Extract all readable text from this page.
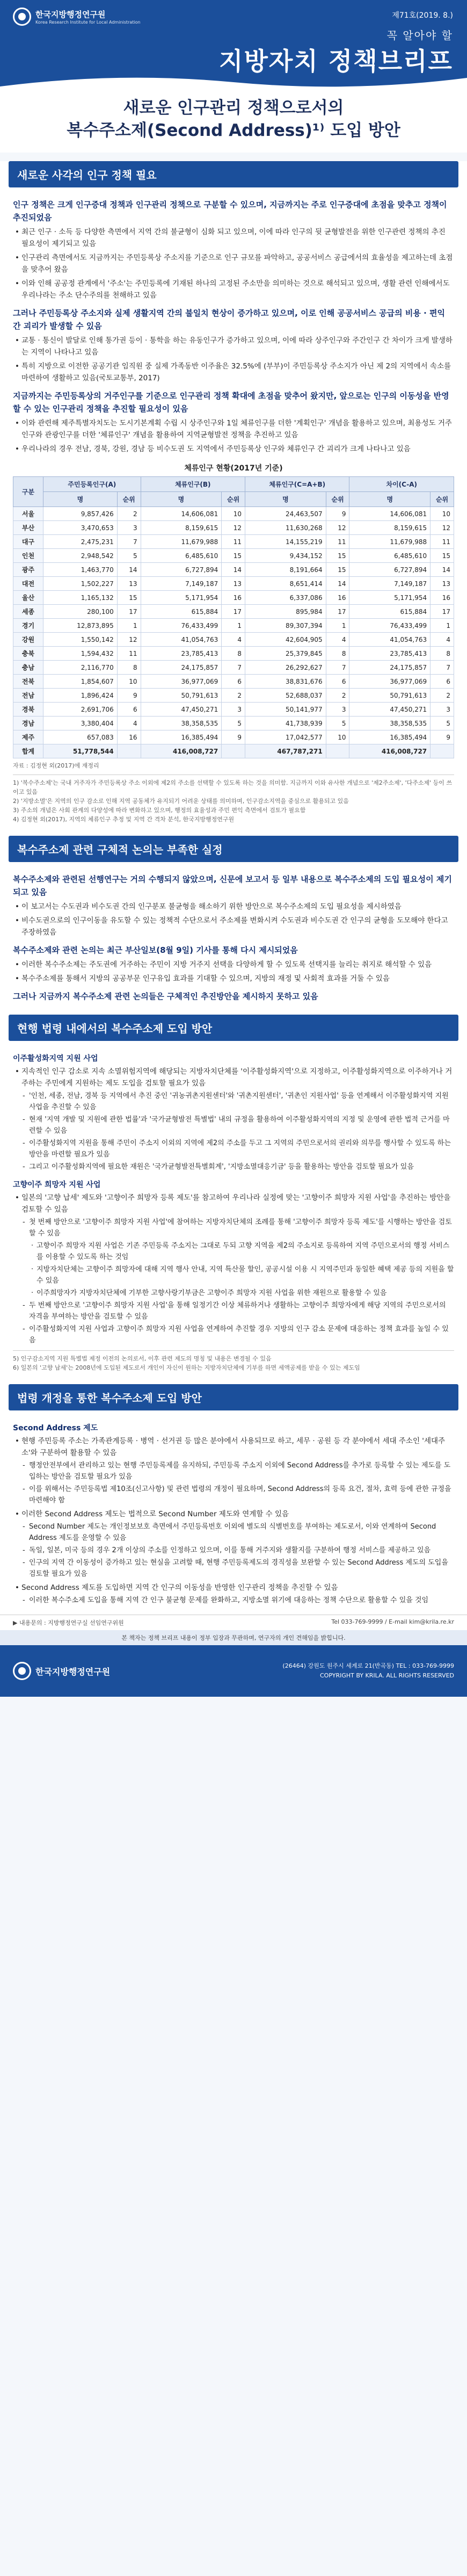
한국지방행정연구원
Korea Research Institute for Local Administration
제71호(2019. 8.)
꼭 알아야 할
지방자치 정책브리프
새로운 인구관리 정책으로서의
복수주소제(Second Address)¹⁾ 도입 방안
새로운 사각의 인구 정책 필요
인구 정책은 크게 인구증대 정책과 인구관리 정책으로 구분할 수 있으며, 지금까지는 주로 인구증대에 초점을 맞추고 정책이 추진되었음
• 최근 인구 · 소득 등 다양한 측면에서 지역 간의 불균형이 심화 되고 있으며, 이에 따라 인구의 뒷 균형발전을 위한 인구관련 정책의 추진 필요성이 제기되고 있음
• 인구관리 측면에서도 지금까지는 주민등록상 주소지를 기준으로 인구 규모를 파악하고, 공공서비스 공급에서의 효율성을 제고하는데 초점을 맞추어 왔음
• 이와 인해 공공정 관계에서 '주소'는 주민등록에 기재된 하나의 고정된 주소만을 의미하는 것으로 해석되고 있으며, 생활 관련 인해에서도 우리나라는 주소 단수주의를 천해하고 있음
그러나 주민등록상 주소지와 실제 생활지역 간의 불일치 현상이 증가하고 있으며, 이로 인해 공공서비스 공급의 비용 · 편익 간 괴리가 발생할 수 있음
• 교통 · 통신이 발달로 인해 통가권 등이 · 통학을 하는 유동인구가 증가하고 있으며, 이에 따라 상주인구와 주간인구 간 차이가 크게 발생하는 지역이 나타나고 있음
• 특히 지방으로 이전한 공공기관 임직원 중 실제 가족동반 이주율은 32.5%에 (부부)이 주민등록상 주소지가 아닌 제 2의 지역에서 속소를 마련하여 생활하고 있음(국토교통부, 2017)
지금까지는 주민등록상의 거주인구를 기준으로 인구관리 정책 확대에 초점을 맞추어 왔지만, 앞으로는 인구의 이동성을 반영할 수 있는 인구관리 정책을 추진할 필요성이 있음
• 이와 관련해 제주특별자치도는 도시기본계획 수립 시 상주인구와 1일 체류인구를 더한 '계획인구' 개념을 활용하고 있으며, 최용성도 거주인구와 관광인구를 더한 '체류인구' 개념을 활용하여 지역균형발전 정책을 추진하고 있음
• 우리나라의 경우 전남, 경북, 강원, 경남 등 비수도권 도 지역에서 주민등록상 인구와 체류인구 간 괴리가 크게 나타나고 있음
체류인구 현황(2017년 기준)
구분	주민등록인구(A)		체류인구(B)		체류인구(C=A+B)		차이(C-A)	
	명	순위	명	순위	명	순위	명	순위
서울	9,857,426	2	14,606,081	10	24,463,507	9	14,606,081	10
부산	3,470,653	3	8,159,615	12	11,630,268	12	8,159,615	12
대구	2,475,231	7	11,679,988	11	14,155,219	11	11,679,988	11
인천	2,948,542	5	6,485,610	15	9,434,152	15	6,485,610	15
광주	1,463,770	14	6,727,894	14	8,191,664	15	6,727,894	14
대전	1,502,227	13	7,149,187	13	8,651,414	14	7,149,187	13
울산	1,165,132	15	5,171,954	16	6,337,086	16	5,171,954	16
세종	280,100	17	615,884	17	895,984	17	615,884	17
경기	12,873,895	1	76,433,499	1	89,307,394	1	76,433,499	1
강원	1,550,142	12	41,054,763	4	42,604,905	4	41,054,763	4
충북	1,594,432	11	23,785,413	8	25,379,845	8	23,785,413	8
충남	2,116,770	8	24,175,857	7	26,292,627	7	24,175,857	7
전북	1,854,607	10	36,977,069	6	38,831,676	6	36,977,069	6
전남	1,896,424	9	50,791,613	2	52,688,037	2	50,791,613	2
경북	2,691,706	6	47,450,271	3	50,141,977	3	47,450,271	3
경남	3,380,404	4	38,358,535	5	41,738,939	5	38,358,535	5
제주	657,083	16	16,385,494	9	17,042,577	10	16,385,494	9
합계	51,778,544		416,008,727		467,787,271		416,008,727	
자료 : 김정현 외(2017)에 재정리
1) '복수주소제'는 국내 거주자가 주민등록상 주소 이외에 제2의 주소를 선택할 수 있도록 하는 것을 의미함. 지금까지 이와 유사한 개념으로 '제2주소제', '다주소제' 등이 쓰이고 있음
2) '지방소멸'은 지역의 인구 감소로 인해 지역 공동체가 유지되기 어려운 상태를 의미하며, 인구감소지역을 중심으로 활용되고 있음
3) 주소의 개념은 사회 관계의 다양성에 따라 변화하고 있으며, 행정의 효율성과 주민 편익 측면에서 검토가 필요함
4) 김정현 외(2017), 지역의 체류인구 추정 및 지역 간 격차 분석, 한국지방행정연구원
복수주소제 관련 구체적 논의는 부족한 실정
복수주소제와 관련된 선행연구는 거의 수행되지 않았으며, 신문에 보고서 등 일부 내용으로 복수주소제의 도입 필요성이 제기되고 있음
• 이 보고서는 수도권과 비수도권 간의 인구분포 불균형을 해소하기 위한 방안으로 복수주소제의 도입 필요성을 제시하였음
• 비수도권으로의 인구이동을 유도할 수 있는 정책적 수단으로서 주소제를 변화시켜 수도권과 비수도권 간 인구의 균형을 도모해야 한다고 주장하였음
복수주소제와 관련 논의는 최근 부산일보(8월 9일) 기사를 통해 다시 제시되었음
• 이러한 복수주소제는 주도권에 거주하는 주민이 지방 거주지 선택을 다양하게 할 수 있도록 선택지를 늘리는 취지로 해석할 수 있음
• 복수주소제를 통해서 지방의 공공부문 인구유입 효과를 기대할 수 있으며, 지방의 재정 및 사회적 효과를 거둘 수 있음
그러나 지금까지 복수주소제 관련 논의들은 구체적인 추진방안을 제시하지 못하고 있음
현행 법령 내에서의 복수주소제 도입 방안
이주활성화지역 지원 사업
• 지속적인 인구 감소로 지속 소멸위험지역에 해당되는 지방자치단체를 '이주활성화지역'으로 지정하고, 이주활성화지역으로 이주하거나 거주하는 주민에게 지원하는 제도 도입을 검토할 필요가 있음
- '인천, 세종, 전남, 경북 등 지역에서 추진 중인 '귀농귀촌지원센터'와 '귀촌지원센터', '귀촌인 지원사업' 등을 연계해서 이주활성화지역 지원 사업을 추진할 수 있음
- 현재 '지역 개발 및 지원에 관한 법률'과 '국가균형발전 특별법' 내의 규정을 활용하여 이주활성화지역의 지정 및 운영에 관한 법적 근거를 마련할 수 있음
- 이주활성화지역 지원을 통해 주민이 주소지 이외의 지역에 제2의 주소를 두고 그 지역의 주민으로서의 권리와 의무를 행사할 수 있도록 하는 방안을 마련할 필요가 있음
- 그리고 이주활성화지역에 필요한 재원은 '국가균형발전특별회계', '지방소멸대응기금' 등을 활용하는 방안을 검토할 필요가 있음
고향이주 희망자 지원 사업
• 일본의 '고향 납세' 제도와 '고향이주 희망자 등록 제도'를 참고하여 우리나라 실정에 맞는 '고향이주 희망자 지원 사업'을 추진하는 방안을 검토할 수 있음
- 첫 번째 방안으로 '고향이주 희망자 지원 사업'에 참여하는 지방자치단체의 조례를 통해 '고향이주 희망자 등록 제도'를 시행하는 방안을 검토할 수 있음
· 고향이주 희망자 지원 사업은 기존 주민등록 주소지는 그대로 두되 고향 지역을 제2의 주소지로 등록하여 지역 주민으로서의 행정 서비스를 이용할 수 있도록 하는 것임
· 지방자치단체는 고향이주 희망자에 대해 지역 행사 안내, 지역 특산물 할인, 공공시설 이용 시 지역주민과 동일한 혜택 제공 등의 지원을 할 수 있음
· 이주희망자가 지방자치단체에 기부한 고향사랑기부금은 고향이주 희망자 지원 사업을 위한 재원으로 활용할 수 있음
- 두 번째 방안으로 '고향이주 희망자 지원 사업'을 통해 일정기간 이상 체류하거나 생활하는 고향이주 희망자에게 해당 지역의 주민으로서의 자격을 부여하는 방안을 검토할 수 있음
- 이주활성화지역 지원 사업과 고향이주 희망자 지원 사업을 연계하여 추진할 경우 지방의 인구 감소 문제에 대응하는 정책 효과를 높일 수 있음
5) 인구감소지역 지원 특별법 제정 이전의 논의로서, 이후 관련 제도의 명칭 및 내용은 변경될 수 있음
6) 일본의 '고향 납세'는 2008년에 도입된 제도로서 개인이 자신이 원하는 지방자치단체에 기부를 하면 세액공제를 받을 수 있는 제도임
법령 개정을 통한 복수주소제 도입 방안
Second Address 제도
• 현행 주민등록 주소는 가족관계등록 · 병역 · 선거권 등 많은 분야에서 사용되므로 하고, 세무 · 공원 등 각 분야에서 세대 주소인 '세대주소'와 구분하여 활용할 수 있음
- 행정안전부에서 관리하고 있는 현행 주민등록제를 유지하되, 주민등록 주소지 이외에 Second Address를 추가로 등록할 수 있는 제도를 도입하는 방안을 검토할 필요가 있음
- 이를 위해서는 주민등록법 제10조(신고사항) 및 관련 법령의 개정이 필요하며, Second Address의 등록 요건, 절차, 효력 등에 관한 규정을 마련해야 함
• 이러한 Second Address 제도는 법적으로 Second Number 제도와 연계할 수 있음
- Second Number 제도는 개인정보보호 측면에서 주민등록번호 이외에 별도의 식별번호를 부여하는 제도로서, 이와 연계하여 Second Address 제도를 운영할 수 있음
- 독일, 일본, 미국 등의 경우 2개 이상의 주소를 인정하고 있으며, 이를 통해 거주지와 생활지를 구분하여 행정 서비스를 제공하고 있음
- 인구의 지역 간 이동성이 증가하고 있는 현실을 고려할 때, 현행 주민등록제도의 경직성을 보완할 수 있는 Second Address 제도의 도입을 검토할 필요가 있음
• Second Address 제도를 도입하면 지역 간 인구의 이동성을 반영한 인구관리 정책을 추진할 수 있음
- 이러한 복수주소제 도입을 통해 지역 간 인구 불균형 문제를 완화하고, 지방소멸 위기에 대응하는 정책 수단으로 활용할 수 있을 것임
▶ 내용문의 : 지방행정연구실 선임연구위원	Tel 033-769-9999 / E-mail kim@krila.re.kr
본 책자는 정책 브리프 내용이 정부 입장과 무관하며, 연구자의 개인 견해임을 밝힙니다.
한국지방행정연구원
(26464) 강원도 원주시 세계로 21(반곡동) TEL : 033-769-9999
COPYRIGHT BY KRILA. ALL RIGHTS RESERVED
